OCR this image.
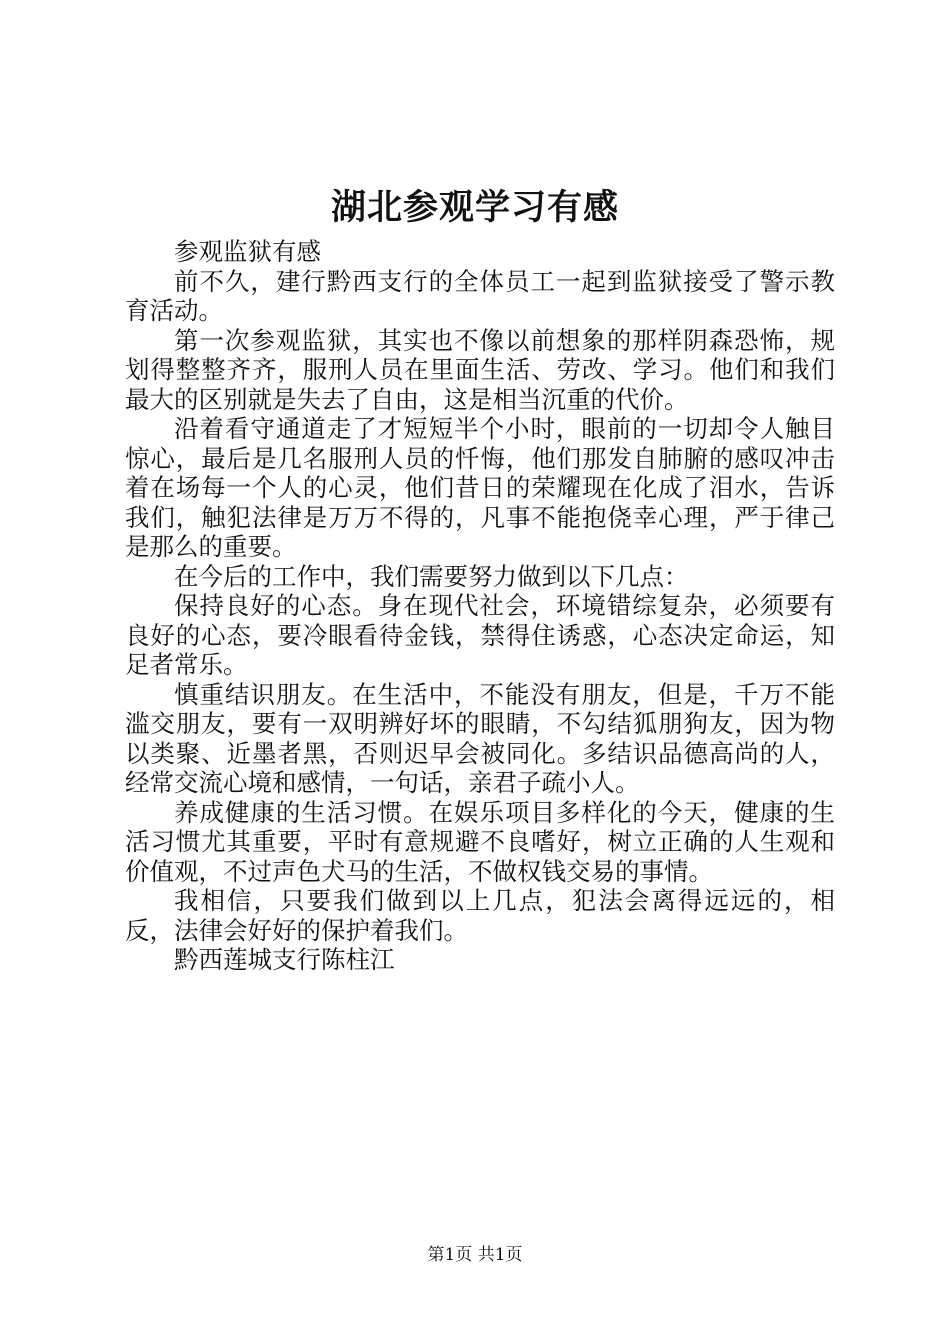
湖北参观学习有感

参观监狱有感

前不久，建行黔西支行的全体员工一起到监狱接受了警示教育活动。

第一次参观监狱，其实也不像以前想象的那样阴森恐怖，规划得整整齐齐，服刑人员在里面生活、劳改、学习。他们和我们最大的区别就是失去了自由，这是相当沉重的代价。

沿着看守通道走了才短短半个小时，眼前的一切却令人触目惊心，最后是几名服刑人员的忏悔，他们那发自肺腑的感叹冲击着在场每一个人的心灵，他们昔日的荣耀现在化成了泪水，告诉我们，触犯法律是万万不得的，凡事不能抱侥幸心理，严于律己是那么的重要。

在今后的工作中，我们需要努力做到以下几点：

保持良好的心态。身在现代社会，环境错综复杂，必须要有良好的心态，要冷眼看待金钱，禁得住诱惑，心态决定命运，知足者常乐。

慎重结识朋友。在生活中，不能没有朋友，但是，千万不能滥交朋友，要有一双明辨好坏的眼睛，不勾结狐朋狗友，因为物以类聚、近墨者黑，否则迟早会被同化。多结识品德高尚的人，经常交流心境和感情，一句话，亲君子疏小人。

养成健康的生活习惯。在娱乐项目多样化的今天，健康的生活习惯尤其重要，平时有意规避不良嗜好，树立正确的人生观和价值观，不过声色犬马的生活，不做权钱交易的事情。

我相信，只要我们做到以上几点，犯法会离得远远的，相反，法律会好好的保护着我们。

黔西莲城支行陈柱江

第1页 共1页
